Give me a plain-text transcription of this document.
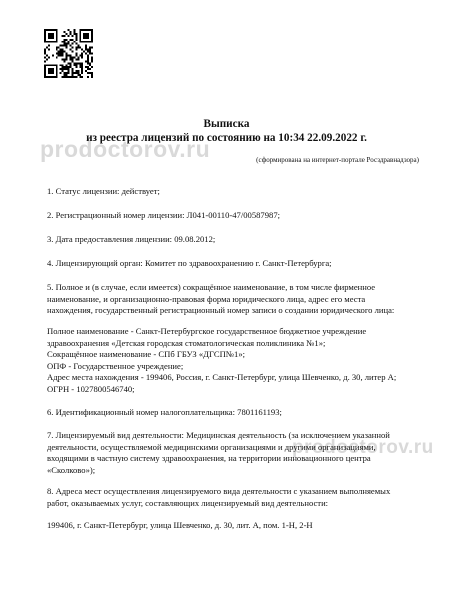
prodoctorov.ru
prodoctorov.ru
Выписка
из реестра лицензий по состоянию на 10:34 22.09.2022 г.
(сформирована на интернет-портале Росздравнадзора)
1. Статус лицензии: действует;
2. Регистрационный номер лицензии: Л041-00110-47/00587987;
3. Дата предоставления лицензии: 09.08.2012;
4. Лицензирующий орган: Комитет по здравоохранению г. Санкт-Петербурга;
5. Полное и (в случае, если имеется) сокращённое наименование, в том числе фирменное
наименование, и организационно-правовая форма юридического лица, адрес его места
нахождения, государственный регистрационный номер записи о создании юридического лица:
Полное наименование - Санкт-Петербургское государственное бюджетное учреждение
здравоохранения «Детская городская стоматологическая поликлиника №1»;
Сокращённое наименование - СПб ГБУЗ «ДГСП№1»;
ОПФ - Государственное учреждение;
Адрес места нахождения - 199406, Россия, г. Санкт-Петербург, улица Шевченко, д. 30, литер А;
ОГРН - 1027800546740;
6. Идентификационный номер налогоплательщика: 7801161193;
7. Лицензируемый вид деятельности: Медицинская деятельность (за исключением указанной
деятельности, осуществляемой медицинскими организациями и другими организациями,
входящими в частную систему здравоохранения, на территории инновационного центра
«Сколково»);
8. Адреса мест осуществления лицензируемого вида деятельности с указанием выполняемых
работ, оказываемых услуг, составляющих лицензируемый вид деятельности:
199406, г. Санкт-Петербург, улица Шевченко, д. 30, лит. А, пом. 1-Н, 2-Н
